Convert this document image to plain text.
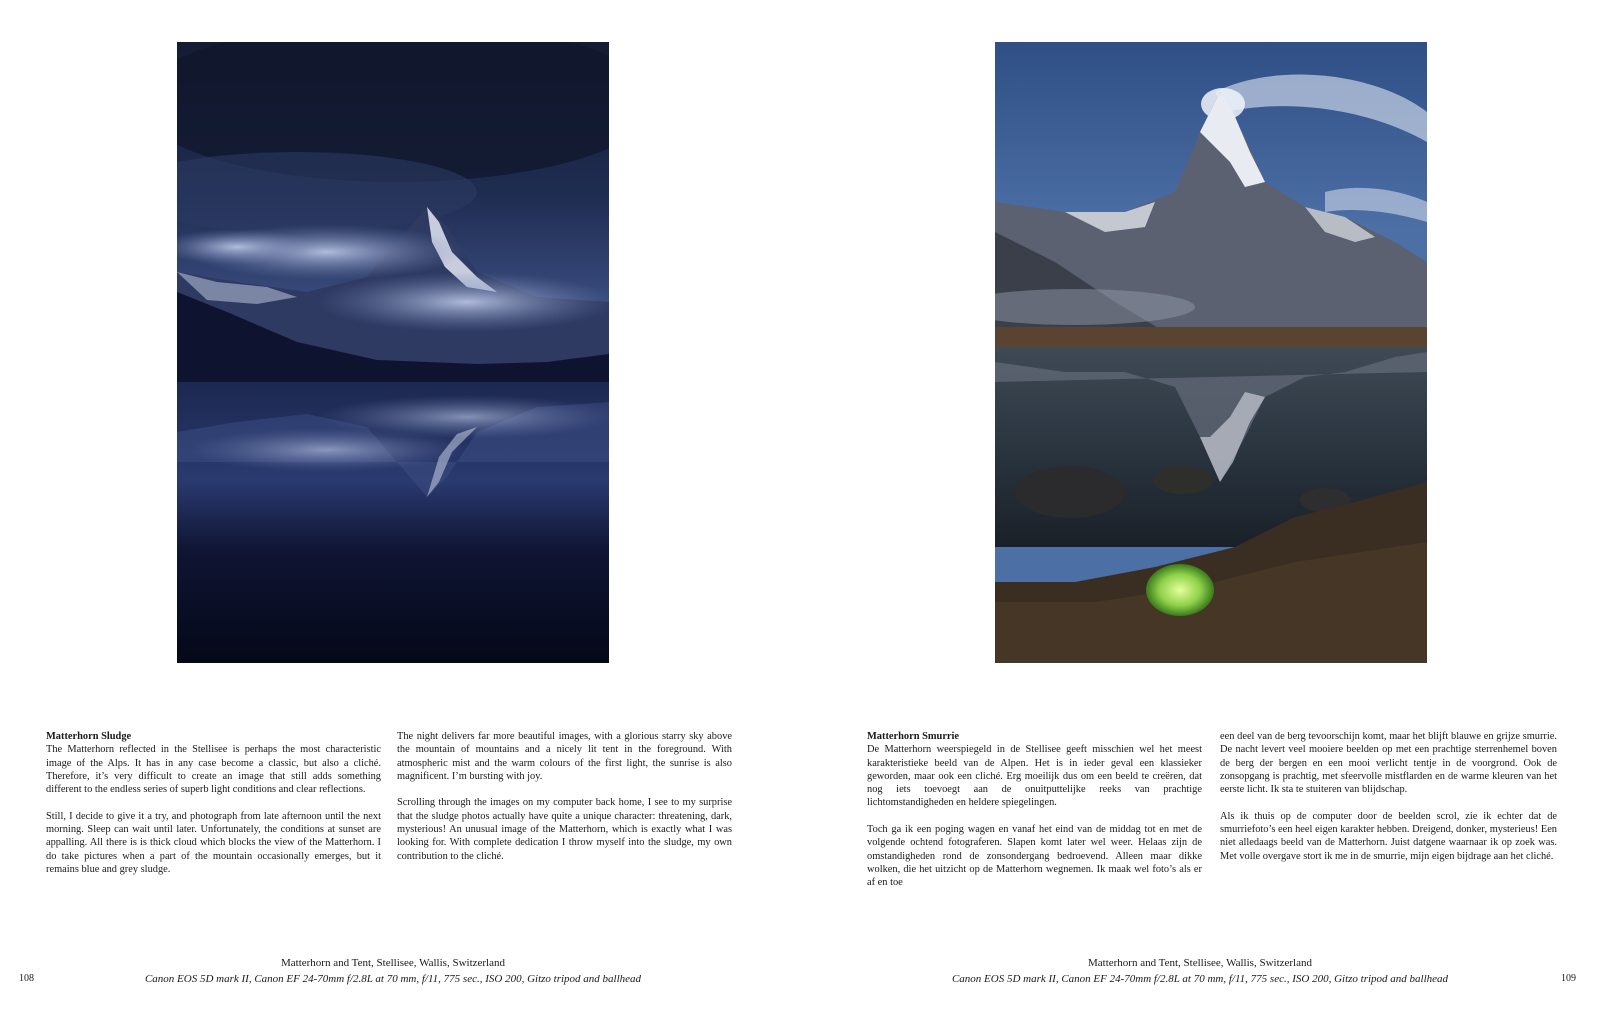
Matterhorn Sludge

The Matterhorn reflected in the Stellisee is perhaps the most characteristic image of the Alps. It has in any case become a classic, but also a cliché. Therefore, it’s very difficult to create an image that still adds something different to the endless series of superb light conditions and clear reflections.

Still, I decide to give it a try, and photograph from late afternoon until the next morning. Sleep can wait until later. Unfortunately, the conditions at sunset are appalling. All there is is thick cloud which blocks the view of the Matterhorn. I do take pictures when a part of the mountain occasionally emerges, but it remains blue and grey sludge.

The night delivers far more beautiful images, with a glorious starry sky above the mountain of mountains and a nicely lit tent in the foreground. With atmospheric mist and the warm colours of the first light, the sunrise is also magnificent. I’m bursting with joy.

Scrolling through the images on my computer back home, I see to my surprise that the sludge photos actually have quite a unique character: threatening, dark, mysterious! An unusual image of the Matterhorn, which is exactly what I was looking for. With complete dedication I throw myself into the sludge, my own contribution to the cliché.

Matterhorn and Tent, Stellisee, Wallis, Switzerland
Canon EOS 5D mark II, Canon EF 24-70mm f/2.8L at 70 mm, f/11, 775 sec., ISO 200, Gitzo tripod and ballhead
108
Matterhorn Smurrie

De Matterhorn weerspiegeld in de Stellisee geeft misschien wel het meest karakteristieke beeld van de Alpen. Het is in ieder geval een klassieker geworden, maar ook een cliché. Erg moeilijk dus om een beeld te creëren, dat nog iets toevoegt aan de onuitputtelijke reeks van prachtige lichtomstandigheden en heldere spiegelingen.

Toch ga ik een poging wagen en vanaf het eind van de middag tot en met de volgende ochtend fotograferen. Slapen komt later wel weer. Helaas zijn de omstandigheden rond de zonsondergang bedroevend. Alleen maar dikke wolken, die het uitzicht op de Matterhorn wegnemen. Ik maak wel foto’s als er af en toe

een deel van de berg tevoorschijn komt, maar het blijft blauwe en grijze smurrie. De nacht levert veel mooiere beelden op met een prachtige sterrenhemel boven de berg der bergen en een mooi verlicht tentje in de voorgrond. Ook de zonsopgang is prachtig, met sfeervolle mistflarden en de warme kleuren van het eerste licht. Ik sta te stuiteren van blijdschap.

Als ik thuis op de computer door de beelden scrol, zie ik echter dat de smurriefoto’s een heel eigen karakter hebben. Dreigend, donker, mysterieus! Een niet alledaags beeld van de Matterhorn. Juist datgene waarnaar ik op zoek was. Met volle overgave stort ik me in de smurrie, mijn eigen bijdrage aan het cliché.

Matterhorn and Tent, Stellisee, Wallis, Switzerland
Canon EOS 5D mark II, Canon EF 24-70mm f/2.8L at 70 mm, f/11, 775 sec., ISO 200, Gitzo tripod and ballhead	109
